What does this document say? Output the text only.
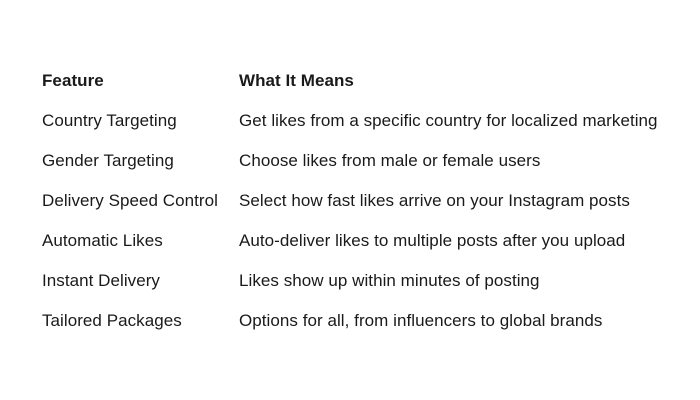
Feature	What It Means
Country Targeting	Get likes from a specific country for localized marketing
Gender Targeting	Choose likes from male or female users
Delivery Speed Control	Select how fast likes arrive on your Instagram posts
Automatic Likes	Auto-deliver likes to multiple posts after you upload
Instant Delivery	Likes show up within minutes of posting
Tailored Packages	Options for all, from influencers to global brands
